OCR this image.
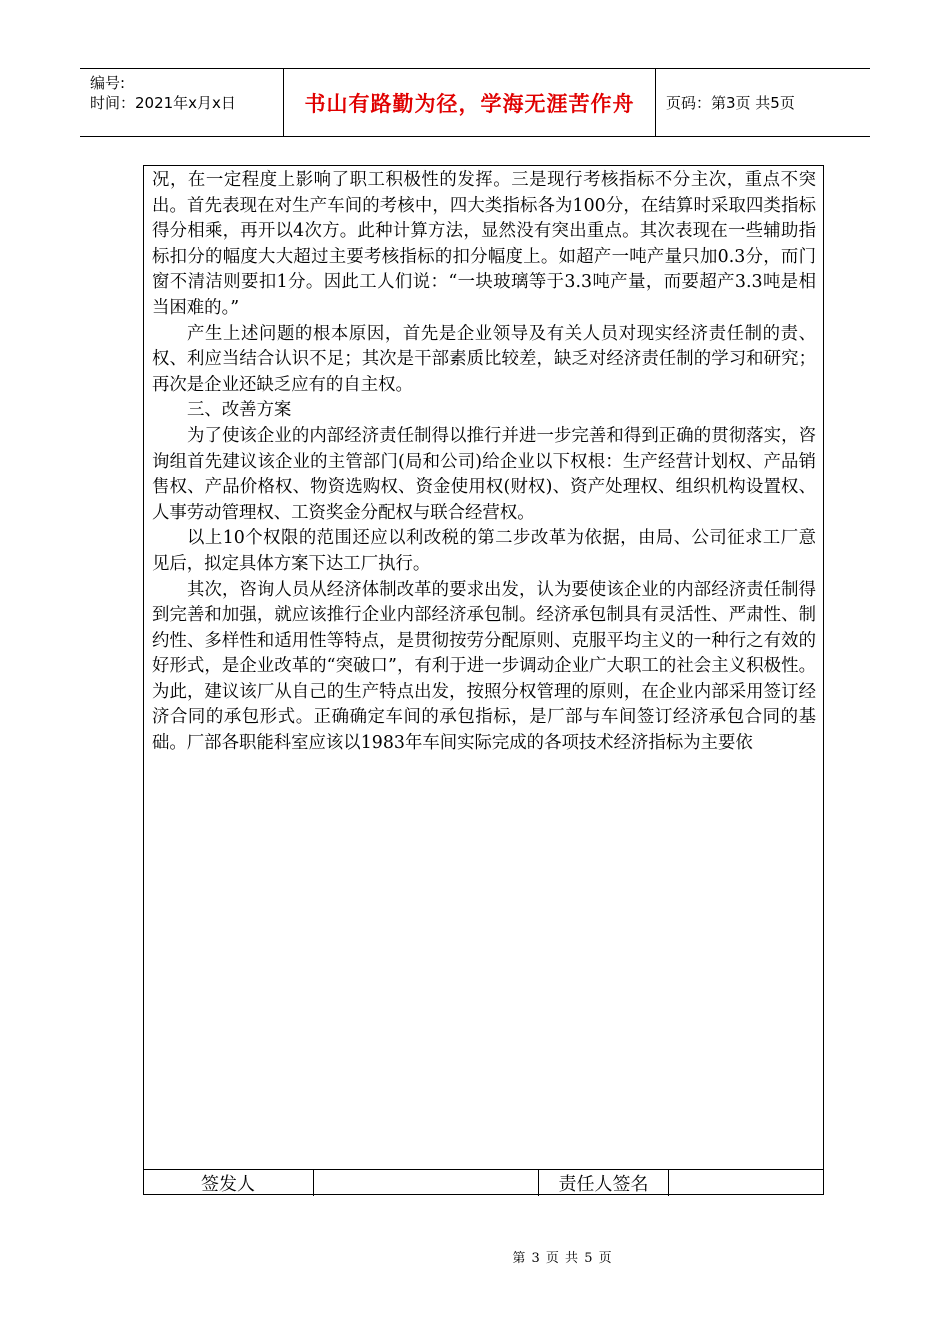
编号:
时间：2021年x月x日	书山有路勤为径，学海无涯苦作舟	页码：第3页 共5页

况，在一定程度上影响了职工积极性的发挥。三是现行考核指标不分主次，重点不突出。首先表现在对生产车间的考核中，四大类指标各为100分，在结算时采取四类指标得分相乘，再开以4次方。此种计算方法，显然没有突出重点。其次表现在一些辅助指标扣分的幅度大大超过主要考核指标的扣分幅度上。如超产一吨产量只加0.3分，而门窗不清洁则要扣1分。因此工人们说：“一块玻璃等于3.3吨产量，而要超产3.3吨是相当困难的。”

产生上述问题的根本原因，首先是企业领导及有关人员对现实经济责任制的责、权、利应当结合认识不足；其次是干部素质比较差，缺乏对经济责任制的学习和研究；再次是企业还缺乏应有的自主权。

三、改善方案

为了使该企业的内部经济责任制得以推行并进一步完善和得到正确的贯彻落实，咨询组首先建议该企业的主管部门(局和公司)给企业以下权根：生产经营计划权、产品销售权、产品价格权、物资选购权、资金使用权(财权)、资产处理权、组织机构设置权、人事劳动管理权、工资奖金分配权与联合经营权。

以上10个权限的范围还应以利改税的第二步改革为依据，由局、公司征求工厂意见后，拟定具体方案下达工厂执行。

其次，咨询人员从经济体制改革的要求出发，认为要使该企业的内部经济责任制得到完善和加强，就应该推行企业内部经济承包制。经济承包制具有灵活性、严肃性、制约性、多样性和适用性等特点，是贯彻按劳分配原则、克服平均主义的一种行之有效的好形式，是企业改革的“突破口”，有利于进一步调动企业广大职工的社会主义积极性。为此，建议该厂从自己的生产特点出发，按照分权管理的原则，在企业内部采用签订经济合同的承包形式。正确确定车间的承包指标，是厂部与车间签订经济承包合同的基础。厂部各职能科室应该以1983年车间实际完成的各项技术经济指标为主要依

签发人	责任人签名
第 3 页 共 5 页
